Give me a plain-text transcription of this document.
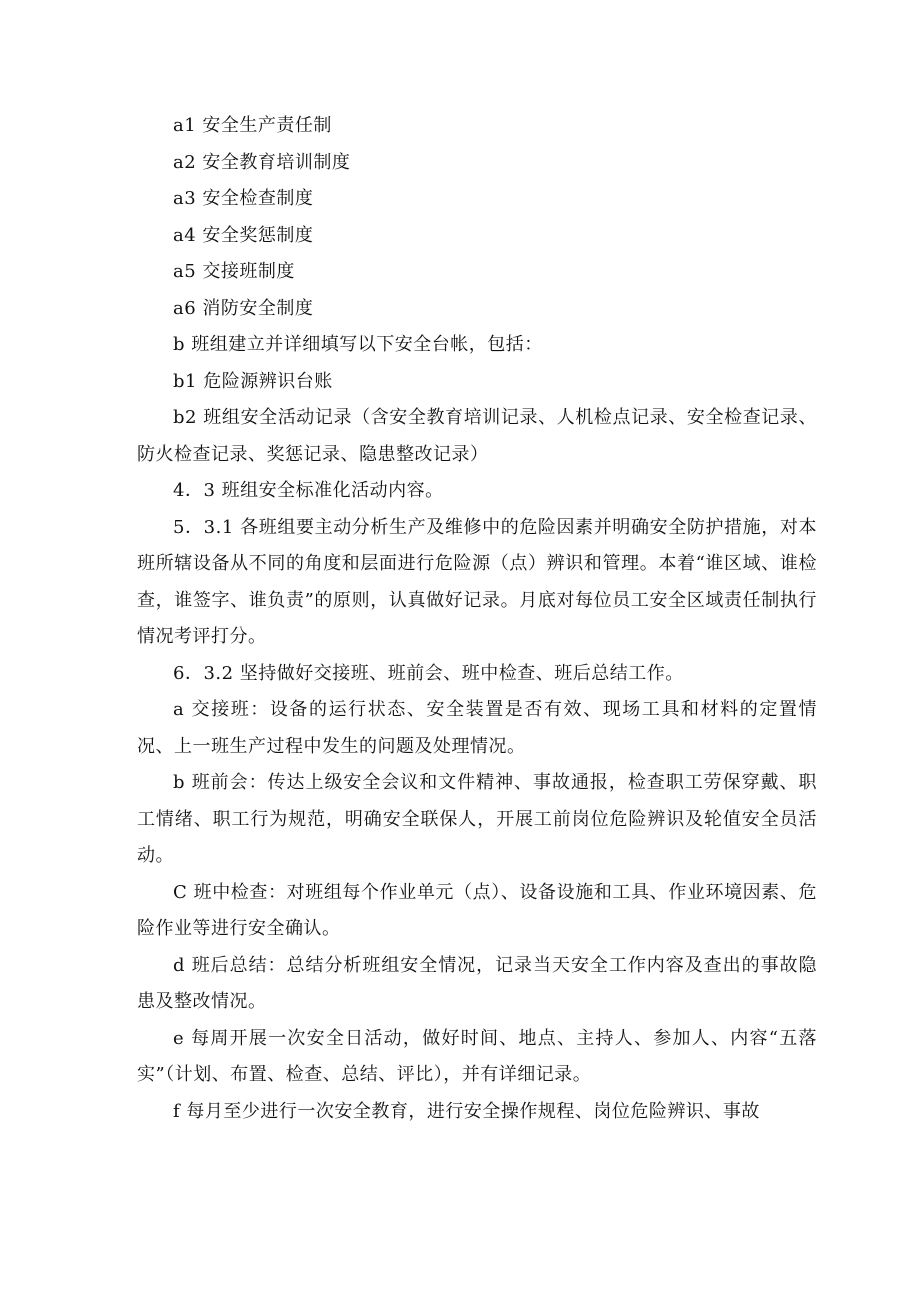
a1 安全生产责任制

a2 安全教育培训制度

a3 安全检查制度

a4 安全奖惩制度

a5 交接班制度

a6 消防安全制度

b 班组建立并详细填写以下安全台帐，包括：

b1 危险源辨识台账

b2 班组安全活动记录（含安全教育培训记录、人机检点记录、安全检查记录、防火检查记录、奖惩记录、隐患整改记录）

4．3 班组安全标准化活动内容。

5．3.1 各班组要主动分析生产及维修中的危险因素并明确安全防护措施，对本班所辖设备从不同的角度和层面进行危险源（点）辨识和管理。本着“谁区域、谁检查，谁签字、谁负责”的原则，认真做好记录。月底对每位员工安全区域责任制执行情况考评打分。

6．3.2 坚持做好交接班、班前会、班中检查、班后总结工作。

a 交接班：设备的运行状态、安全装置是否有效、现场工具和材料的定置情况、上一班生产过程中发生的问题及处理情况。

b 班前会：传达上级安全会议和文件精神、事故通报，检查职工劳保穿戴、职工情绪、职工行为规范，明确安全联保人，开展工前岗位危险辨识及轮值安全员活动。

C 班中检查：对班组每个作业单元（点）、设备设施和工具、作业环境因素、危险作业等进行安全确认。

d 班后总结：总结分析班组安全情况，记录当天安全工作内容及查出的事故隐患及整改情况。

e 每周开展一次安全日活动，做好时间、地点、主持人、参加人、内容“五落实”（计划、布置、检查、总结、评比），并有详细记录。

f 每月至少进行一次安全教育，进行安全操作规程、岗位危险辨识、事故
